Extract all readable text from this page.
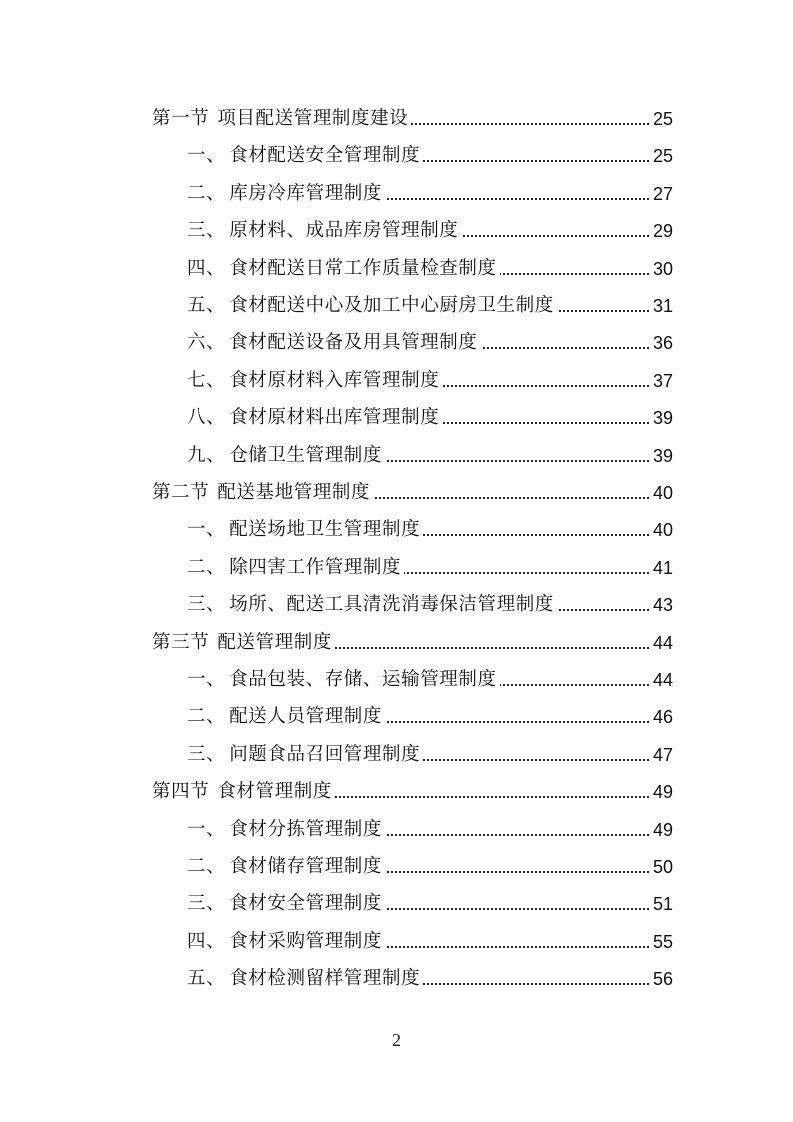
第一节 项目配送管理制度建设	25
一、 食材配送安全管理制度	25
二、 库房冷库管理制度	27
三、 原材料、成品库房管理制度	29
四、 食材配送日常工作质量检查制度	30
五、 食材配送中心及加工中心厨房卫生制度	31
六、 食材配送设备及用具管理制度	36
七、 食材原材料入库管理制度	37
八、 食材原材料出库管理制度	39
九、 仓储卫生管理制度	39
第二节 配送基地管理制度	40
一、 配送场地卫生管理制度	40
二、 除四害工作管理制度	41
三、 场所、配送工具清洗消毒保洁管理制度	43
第三节 配送管理制度	44
一、 食品包装、存储、运输管理制度	44
二、 配送人员管理制度	46
三、 问题食品召回管理制度	47
第四节 食材管理制度	49
一、 食材分拣管理制度	49
二、 食材储存管理制度	50
三、 食材安全管理制度	51
四、 食材采购管理制度	55
五、 食材检测留样管理制度	56
2
